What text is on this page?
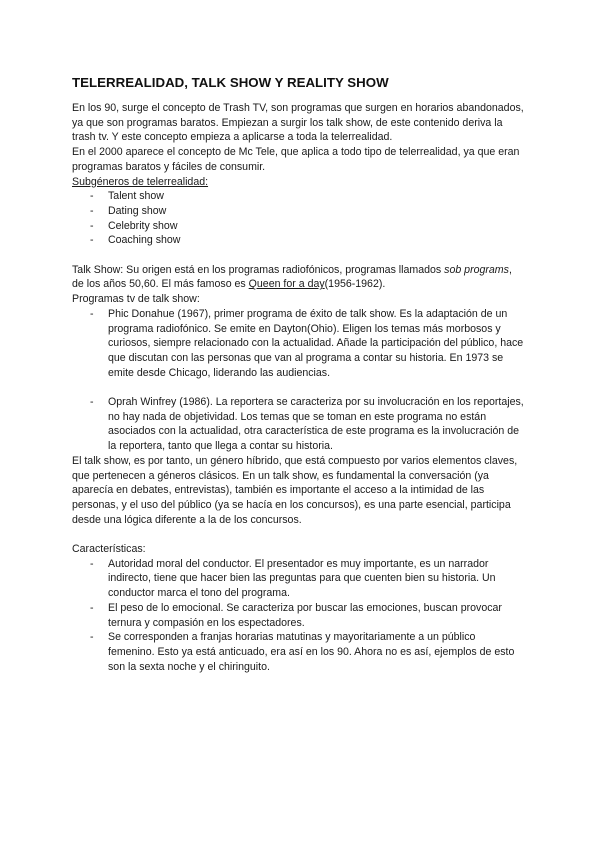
TELERREALIDAD, TALK SHOW Y REALITY SHOW

En los 90, surge el concepto de Trash TV, son programas que surgen en horarios abandonados, ya que son programas baratos. Empiezan a surgir los talk show, de este contenido deriva la trash tv. Y este concepto empieza a aplicarse a toda la telerrealidad.

En el 2000 aparece el concepto de Mc Tele, que aplica a todo tipo de telerrealidad, ya que eran programas baratos y fáciles de consumir.

Subgéneros de telerrealidad:

- Talent show
- Dating show
- Celebrity show
- Coaching show

Talk Show: Su origen está en los programas radiofónicos, programas llamados sob programs, de los años 50,60. El más famoso es Queen for a day(1956-1962).

Programas tv de talk show:

- Phic Donahue (1967), primer programa de éxito de talk show. Es la adaptación de un programa radiofónico. Se emite en Dayton(Ohio). Eligen los temas más morbosos y curiosos, siempre relacionado con la actualidad. Añade la participación del público, hace que discutan con las personas que van al programa a contar su historia. En 1973 se emite desde Chicago, liderando las audiencias.
- Oprah Winfrey (1986). La reportera se caracteriza por su involucración en los reportajes, no hay nada de objetividad. Los temas que se toman en este programa no están asociados con la actualidad, otra característica de este programa es la involucración de la reportera, tanto que llega a contar su historia.

El talk show, es por tanto, un género híbrido, que está compuesto por varios elementos claves, que pertenecen a géneros clásicos. En un talk show, es fundamental la conversación (ya aparecía en debates, entrevistas), también es importante el acceso a la intimidad de las personas, y el uso del público (ya se hacía en los concursos), es una parte esencial, participa desde una lógica diferente a la de los concursos.

Características:

- Autoridad moral del conductor. El presentador es muy importante, es un narrador indirecto, tiene que hacer bien las preguntas para que cuenten bien su historia. Un conductor marca el tono del programa.
- El peso de lo emocional. Se caracteriza por buscar las emociones, buscan provocar ternura y compasión en los espectadores.
- Se corresponden a franjas horarias matutinas y mayoritariamente a un público femenino. Esto ya está anticuado, era así en los 90. Ahora no es así, ejemplos de esto son la sexta noche y el chiringuito.
